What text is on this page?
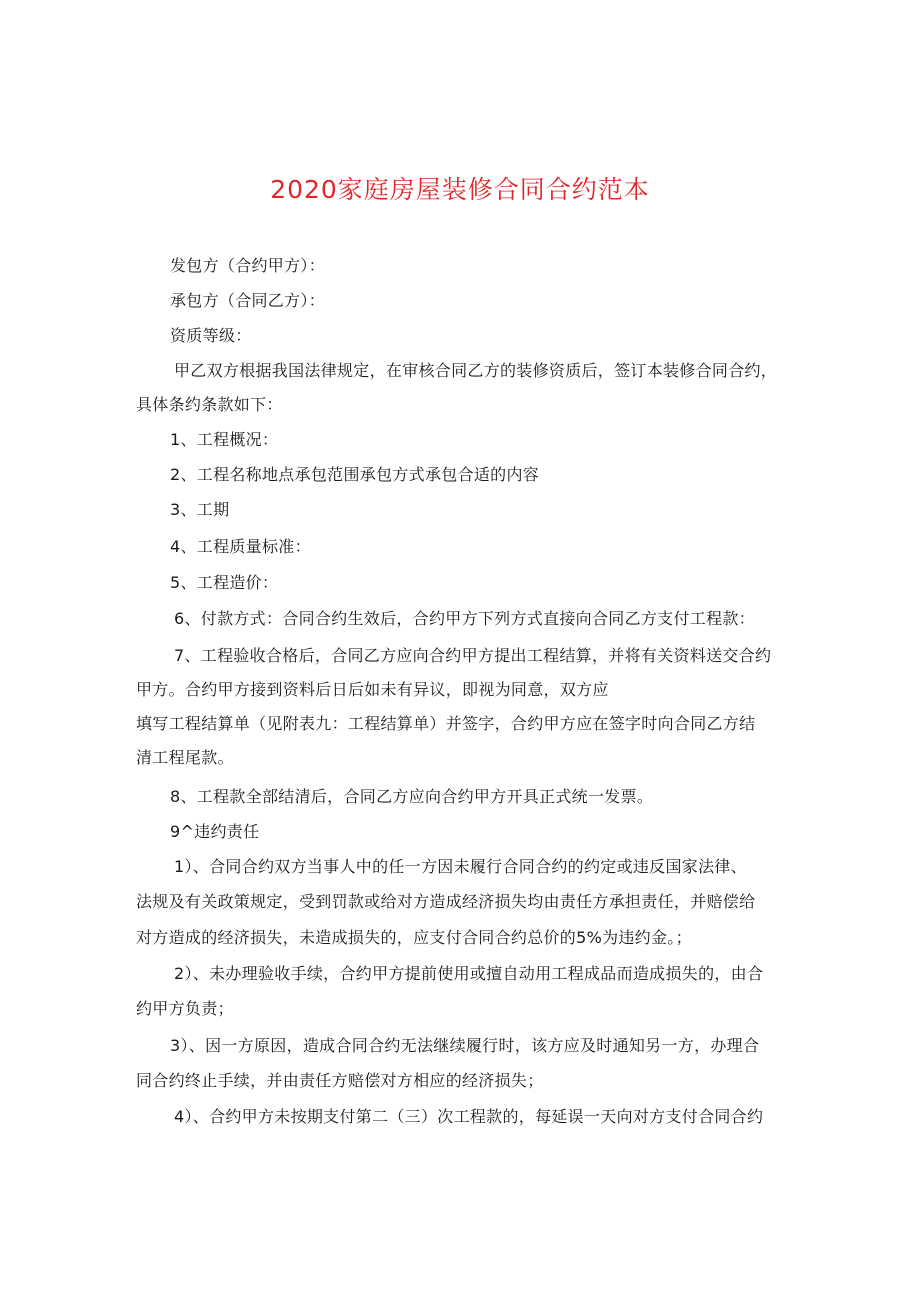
2020家庭房屋装修合同合约范本
发包方（合约甲方）：
承包方（合同乙方）：
资质等级：
甲乙双方根据我国法律规定，在审核合同乙方的装修资质后，签订本装修合同合约，
具体条约条款如下：
1、工程概况：
2、工程名称地点承包范围承包方式承包合适的内容
3、工期
4、工程质量标准：
5、工程造价：
6、付款方式：合同合约生效后，合约甲方下列方式直接向合同乙方支付工程款：
7、工程验收合格后，合同乙方应向合约甲方提出工程结算，并将有关资料送交合约
甲方。合约甲方接到资料后日后如未有异议，即视为同意，双方应
填写工程结算单（见附表九：工程结算单）并签字，合约甲方应在签字时向合同乙方结
清工程尾款。
8、工程款全部结清后，合同乙方应向合约甲方开具正式统一发票。
9^违约责任
1）、合同合约双方当事人中的任一方因未履行合同合约的约定或违反国家法律、
法规及有关政策规定，受到罚款或给对方造成经济损失均由责任方承担责任，并赔偿给
对方造成的经济损失，未造成损失的，应支付合同合约总价的5%为违约金。；
2）、未办理验收手续，合约甲方提前使用或擅自动用工程成品而造成损失的，由合
约甲方负责；
3）、因一方原因，造成合同合约无法继续履行时，该方应及时通知另一方，办理合
同合约终止手续，并由责任方赔偿对方相应的经济损失；
4）、合约甲方未按期支付第二（三）次工程款的，每延误一天向对方支付合同合约
